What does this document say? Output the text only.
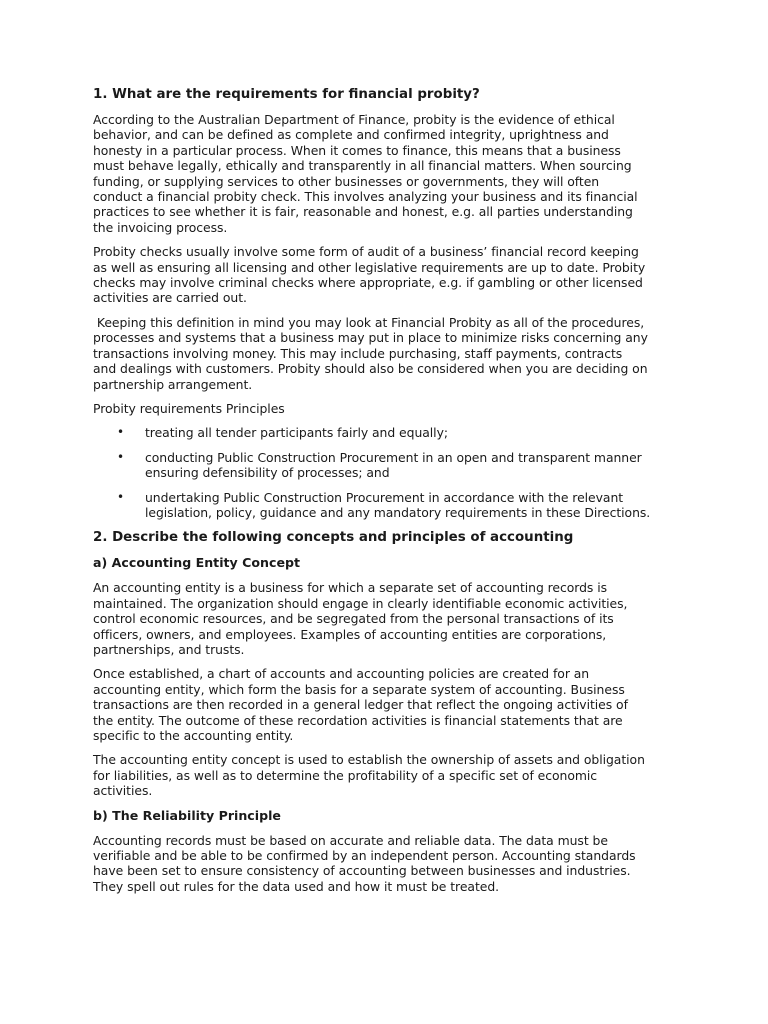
1. What are the requirements for financial probity?

According to the Australian Department of Finance, probity is the evidence of ethical
behavior, and can be defined as complete and confirmed integrity, uprightness and
honesty in a particular process. When it comes to finance, this means that a business
must behave legally, ethically and transparently in all financial matters. When sourcing
funding, or supplying services to other businesses or governments, they will often
conduct a financial probity check. This involves analyzing your business and its financial
practices to see whether it is fair, reasonable and honest, e.g. all parties understanding
the invoicing process.

Probity checks usually involve some form of audit of a business’ financial record keeping
as well as ensuring all licensing and other legislative requirements are up to date. Probity
checks may involve criminal checks where appropriate, e.g. if gambling or other licensed
activities are carried out.

Keeping this definition in mind you may look at Financial Probity as all of the procedures,
processes and systems that a business may put in place to minimize risks concerning any
transactions involving money. This may include purchasing, staff payments, contracts
and dealings with customers. Probity should also be considered when you are deciding on
partnership arrangement.

Probity requirements Principles

• treating all tender participants fairly and equally;
• conducting Public Construction Procurement in an open and transparent manner
ensuring defensibility of processes; and
• undertaking Public Construction Procurement in accordance with the relevant
legislation, policy, guidance and any mandatory requirements in these Directions.
2. Describe the following concepts and principles of accounting
a) Accounting Entity Concept

An accounting entity is a business for which a separate set of accounting records is
maintained. The organization should engage in clearly identifiable economic activities,
control economic resources, and be segregated from the personal transactions of its
officers, owners, and employees. Examples of accounting entities are corporations,
partnerships, and trusts.

Once established, a chart of accounts and accounting policies are created for an
accounting entity, which form the basis for a separate system of accounting. Business
transactions are then recorded in a general ledger that reflect the ongoing activities of
the entity. The outcome of these recordation activities is financial statements that are
specific to the accounting entity.

The accounting entity concept is used to establish the ownership of assets and obligation
for liabilities, as well as to determine the profitability of a specific set of economic
activities.

b) The Reliability Principle

Accounting records must be based on accurate and reliable data. The data must be
verifiable and be able to be confirmed by an independent person. Accounting standards
have been set to ensure consistency of accounting between businesses and industries.
They spell out rules for the data used and how it must be treated.
